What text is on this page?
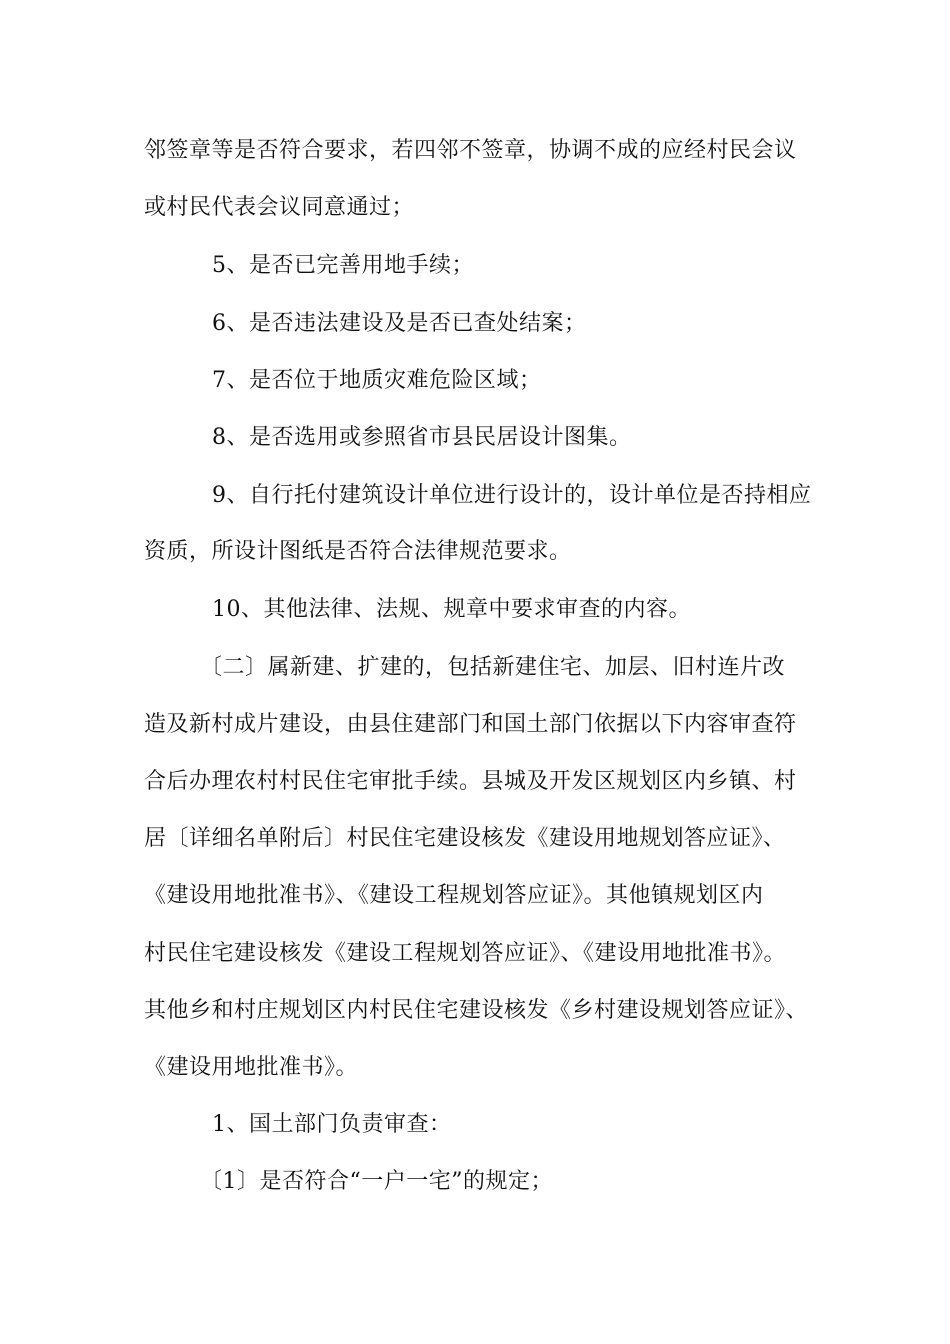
邻签章等是否符合要求，若四邻不签章，协调不成的应经村民会议
或村民代表会议同意通过；
5、是否已完善用地手续；
6、是否违法建设及是否已查处结案；
7、是否位于地质灾难危险区域；
8、是否选用或参照省市县民居设计图集。
9、自行托付建筑设计单位进行设计的，设计单位是否持相应
资质，所设计图纸是否符合法律规范要求。
10、其他法律、法规、规章中要求审查的内容。
〔二〕属新建、扩建的，包括新建住宅、加层、旧村连片改
造及新村成片建设，由县住建部门和国土部门依据以下内容审查符
合后办理农村村民住宅审批手续。县城及开发区规划区内乡镇、村
居〔详细名单附后〕村民住宅建设核发《建设用地规划答应证》、
《建设用地批准书》、《建设工程规划答应证》。其他镇规划区内
村民住宅建设核发《建设工程规划答应证》、《建设用地批准书》。
其他乡和村庄规划区内村民住宅建设核发《乡村建设规划答应证》、
《建设用地批准书》。
1、国土部门负责审查：
〔1〕是否符合“一户一宅”的规定；
